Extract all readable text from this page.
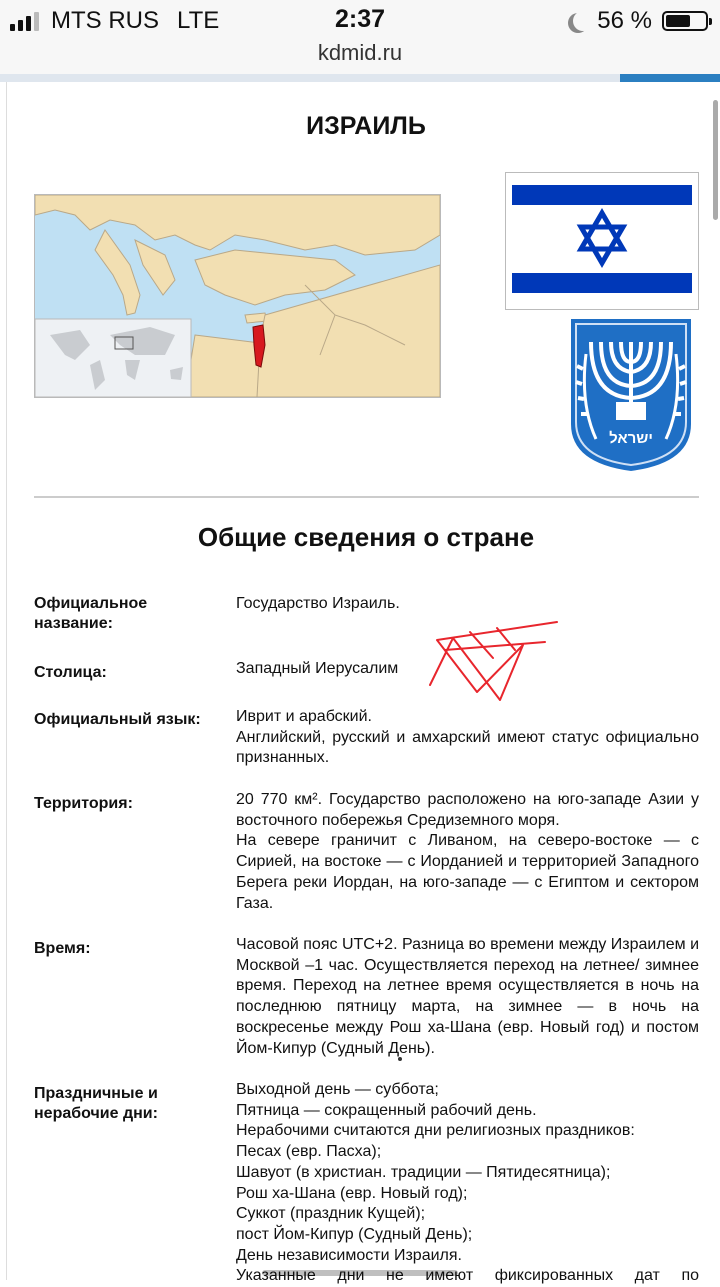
MTS RUS LTE	2:37	56 %
kdmid.ru
ИЗРАИЛЬ
ישראל
Общие сведения о стране
Официальное название:

Государство Израиль.

Столица:	Западный Иерусалим

Официальный язык:	Иврит и арабский.

Английский, русский и амхарский имеют статус официально признанных.

Территория:	20 770 км². Государство расположено на юго-западе Азии у восточного побережья Средиземного моря.

На севере граничит с Ливаном, на северо-востоке — с Сирией, на востоке — с Иорданией и территорией Западного Берега реки Иордан, на юго-западе — с Египтом и сектором Газа.

Время:	Часовой пояс UTC+2. Разница во времени между Израилем и Москвой –1 час. Осуществляется переход на летнее/ зимнее время. Переход на летнее время осуществляется в ночь на последнюю пятницу марта, на зимнее — в ночь на воскресенье между Рош ха-Шана (евр. Новый год) и постом Йом-Кипур (Судный День).

Праздничные и нерабочие дни:

Выходной день — суббота;

Пятница — сокращенный рабочий день.

Нерабочими считаются дни религиозных праздников:

Песах (евр. Пасха);

Шавуот (в христиан. традиции — Пятидесятница);

Рош ха-Шана (евр. Новый год);

Суккот (праздник Кущей);

пост Йом-Кипур (Судный День);

День независимости Израиля.

Указанные дни не имеют фиксированных дат по
